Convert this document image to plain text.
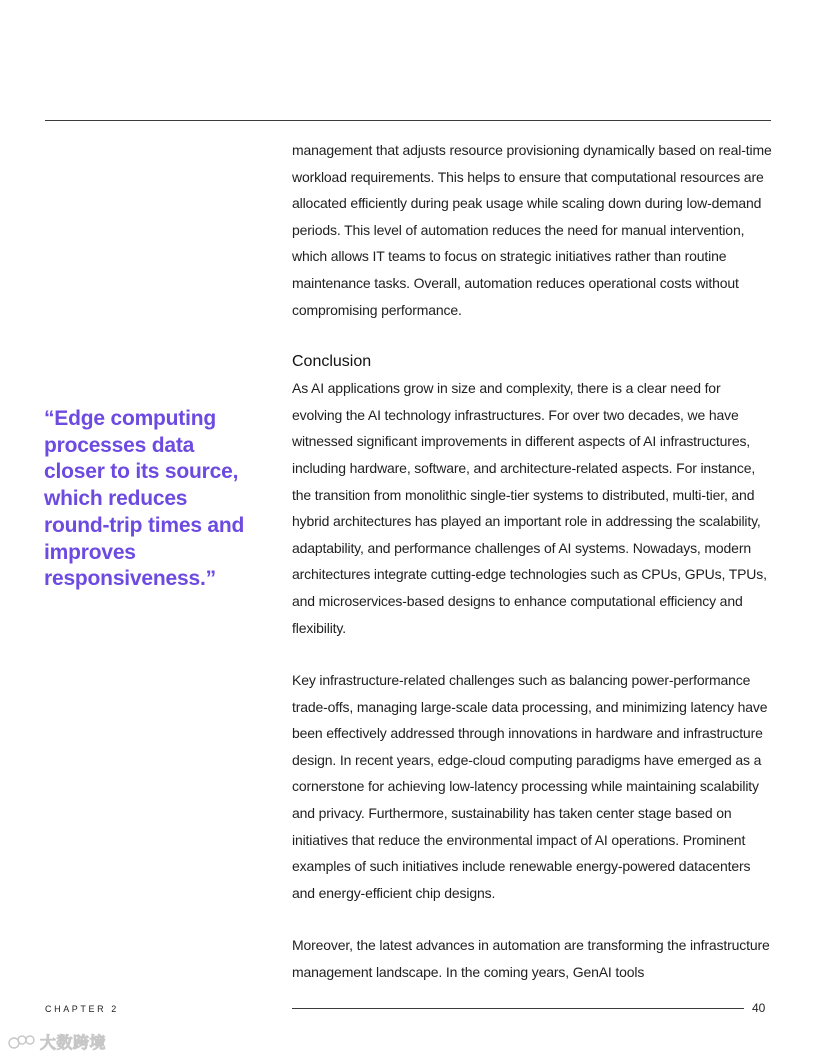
“Edge computing processes data closer to its source, which reduces round-trip times and improves responsiveness.”

management that adjusts resource provisioning dynamically based on real-time workload requirements. This helps to ensure that computational resources are allocated efficiently during peak usage while scaling down during low-demand periods. This level of automation reduces the need for manual intervention, which allows IT teams to focus on strategic initiatives rather than routine maintenance tasks. Overall, automation reduces operational costs without compromising performance.

Conclusion

As AI applications grow in size and complexity, there is a clear need for evolving the AI technology infrastructures. For over two decades, we have witnessed significant improvements in different aspects of AI infrastructures, including hardware, software, and architecture-related aspects. For instance, the transition from monolithic single-tier systems to distributed, multi-tier, and hybrid architectures has played an important role in addressing the scalability, adaptability, and performance challenges of AI systems. Nowadays, modern architectures integrate cutting-edge technologies such as CPUs, GPUs, TPUs, and microservices-based designs to enhance computational efficiency and flexibility.

Key infrastructure-related challenges such as balancing power-performance trade-offs, managing large-scale data processing, and minimizing latency have been effectively addressed through innovations in hardware and infrastructure design. In recent years, edge-cloud computing paradigms have emerged as a cornerstone for achieving low-latency processing while maintaining scalability and privacy. Furthermore, sustainability has taken center stage based on initiatives that reduce the environmental impact of AI operations. Prominent examples of such initiatives include renewable energy-powered datacenters and energy-efficient chip designs.

Moreover, the latest advances in automation are transforming the infrastructure management landscape. In the coming years, GenAI tools

CHAPTER 2	40
大数跨境
